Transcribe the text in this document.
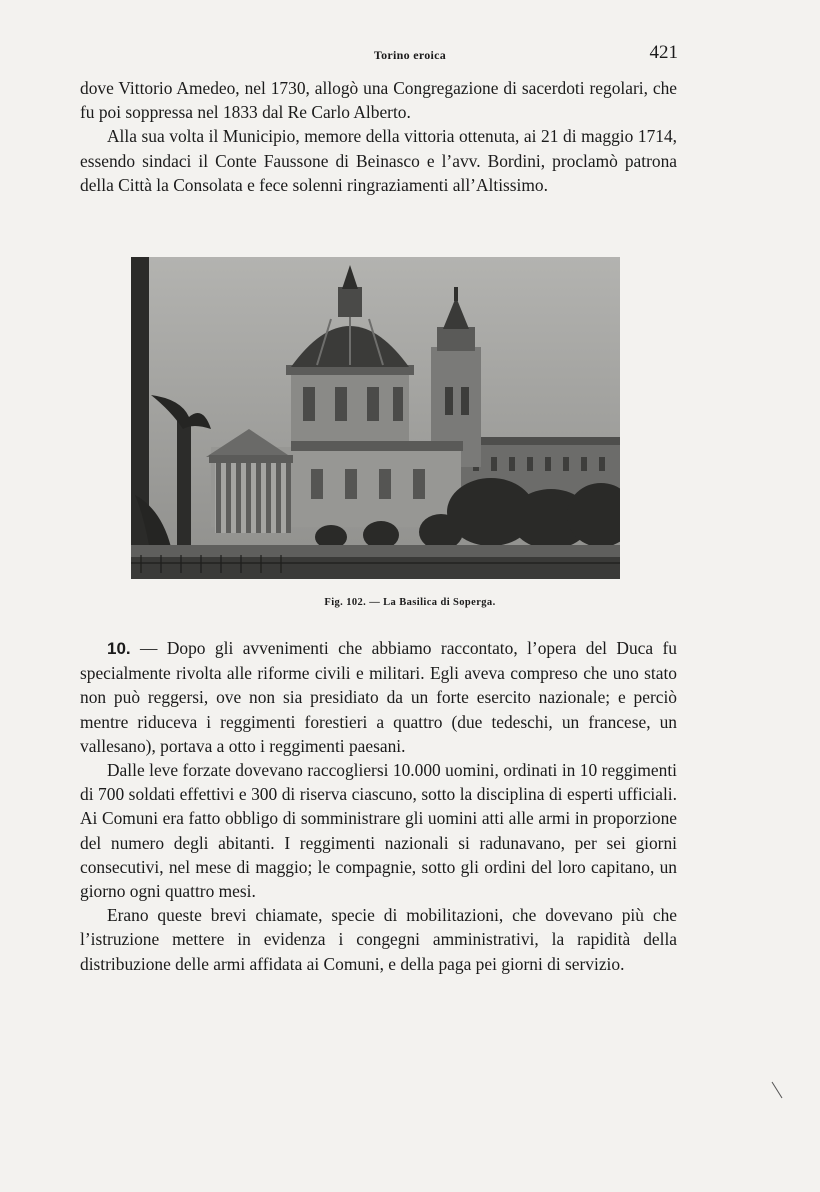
Torino eroica	421

dove Vittorio Amedeo, nel 1730, allogò una Congregazione di sacerdoti regolari, che fu poi soppressa nel 1833 dal Re Carlo Alberto.

Alla sua volta il Municipio, memore della vittoria ottenuta, ai 21 di maggio 1714, essendo sindaci il Conte Faussone di Beinasco e l’avv. Bordini, proclamò patrona della Città la Consolata e fece solenni ringraziamenti all’Altissimo.

Fig. 102. — La Basilica di Soperga.

10. — Dopo gli avvenimenti che abbiamo raccontato, l’opera del Duca fu specialmente rivolta alle riforme civili e militari. Egli aveva compreso che uno stato non può reggersi, ove non sia presidiato da un forte esercito nazionale; e perciò mentre riduceva i reggimenti forestieri a quattro (due tedeschi, un francese, un vallesano), portava a otto i reggimenti paesani.

Dalle leve forzate dovevano raccogliersi 10.000 uomini, ordinati in 10 reggimenti di 700 soldati effettivi e 300 di riserva ciascuno, sotto la disciplina di esperti ufficiali. Ai Comuni era fatto obbligo di somministrare gli uomini atti alle armi in proporzione del numero degli abitanti. I reggimenti nazionali si radunavano, per sei giorni consecutivi, nel mese di maggio; le compagnie, sotto gli ordini del loro capitano, un giorno ogni quattro mesi.

Erano queste brevi chiamate, specie di mobilitazioni, che dovevano più che l’istruzione mettere in evidenza i congegni amministrativi, la rapidità della distribuzione delle armi affidata ai Comuni, e della paga pei giorni di servizio.
